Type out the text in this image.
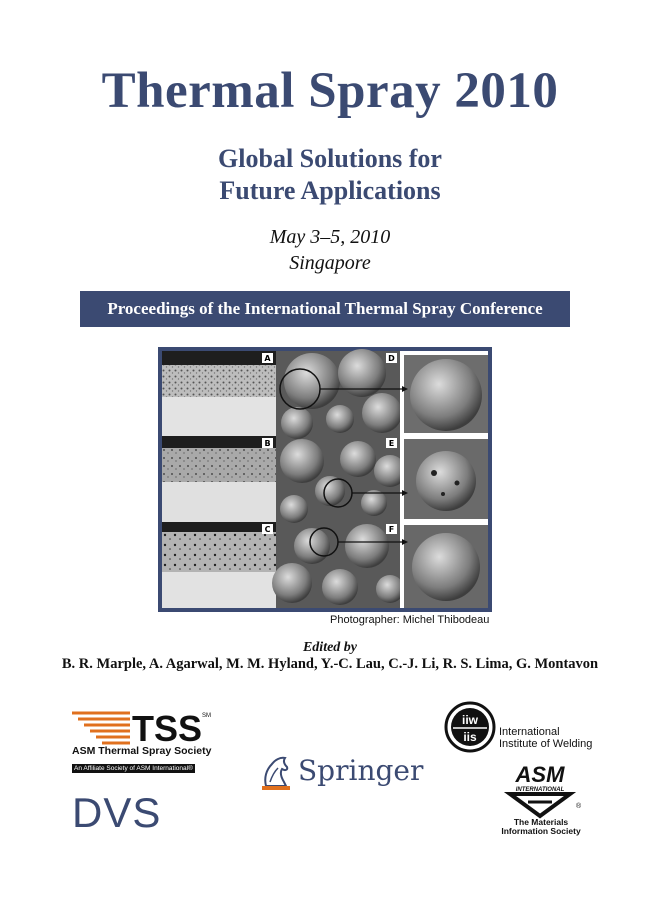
Thermal Spray 2010
Global Solutions for
Future Applications
May 3–5, 2010
Singapore
Proceedings of the International Thermal Spray Conference
A
B
C
D
E
F
Photographer: Michel Thibodeau
Edited by
B. R. Marple, A. Agarwal, M. M. Hyland, Y.-C. Lau, C.-J. Li, R. S. Lima, G. Montavon
TSS SM
ASM Thermal Spray Society
An Affiliate Society of ASM International®
DVS
Springer
iiw
iis International
Institute of Welding
ASM
INTERNATIONAL
®
The Materials
Information Society
